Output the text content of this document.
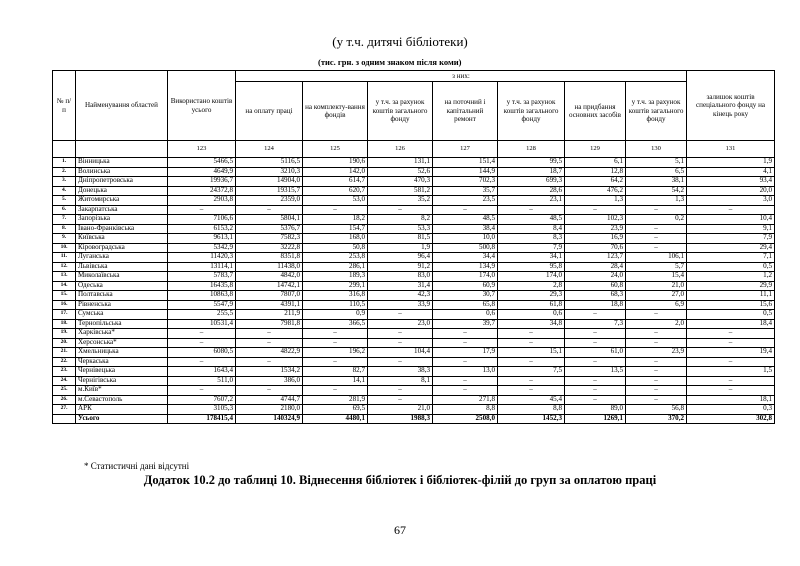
(у т.ч. дитячі бібліотеки)
(тис. грн. з одним знаком після коми)
№ п/п	Найменування областей	Використано коштів усього	з них:							залишок коштів спеціального фонду на кінець року
			на оплату праці	на комплекту-вання фондів	у т.ч. за рахунок коштів загального фонду	на поточний і капітальний ремонт	у т.ч. за рахунок коштів загального фонду	на придбання основних засобів	у т.ч. за рахунок коштів загального фонду	
		123	124	125	126	127	128	129	130	131
1.	Вінницька	5466,5	5116,5	190,6	131,1	151,4	99,5	6,1	5,1	1,9
2.	Волинська	4649,9	3210,3	142,0	52,6	144,9	18,7	12,8	6,5	4,1
3.	Дніпропетровська	19936,7	14904,0	614,7	470,3	702,3	699,3	64,2	38,1	93,4
4.	Донецька	24372,8	19315,7	620,7	581,2	35,7	28,6	476,2	54,2	20,0
5.	Житомирська	2903,8	2359,0	53,0	35,2	23,5	23,1	1,3	1,3	3,0
6.	Закарпатська	–	–	–	–	–	–	–	–	–
7.	Запорізька	7106,6	5804,1	18,2	8,2	48,5	48,5	102,3	0,2	10,4
8.	Івано-Франківська	6153,2	5376,7	154,7	53,3	38,4	8,4	23,9	–	9,1
9.	Київська	9613,1	7582,3	168,0	81,5	10,0	8,3	16,9	–	7,9
10.	Кіровоградська	5342,9	3222,8	50,8	1,9	500,8	7,9	70,6	–	29,4
11.	Луганська	11420,3	8351,8	253,8	96,4	34,4	34,1	123,7	106,1	7,1
12.	Львівська	13114,1	11438,0	286,1	91,2	134,9	95,8	28,4	5,7	0,5
13.	Миколаївська	5783,7	4842,0	189,3	83,0	174,0	174,0	24,0	15,4	1,2
14.	Одеська	16435,8	14742,1	299,1	31,4	60,9	2,8	60,8	21,0	29,9
15.	Полтавська	10863,8	7807,0	316,8	42,3	30,7	29,3	68,3	27,0	11,1
16.	Рівненська	5547,9	4391,1	110,5	33,9	65,8	61,8	18,8	6,9	15,6
17.	Сумська	255,5	211,9	0,9	–	0,6	0,6	–	–	0,5
18.	Тернопільська	10531,4	7981,8	366,5	23,0	39,7	34,8	7,3	2,0	18,4
19.	Харківська*	–	–	–	–	–	–	–	–	–
20.	Херсонська*	–	–	–	–	–	–	–	–	–
21.	Хмельницька	6080,5	4822,9	196,2	104,4	17,9	15,1	61,0	23,9	19,4
22.	Черкаська	–	–	–	–	–	–	–	–	–
23.	Чернівецька	1643,4	1534,2	82,7	38,3	13,0	7,5	13,5	–	1,5
24.	Чернігівська	511,0	386,0	14,1	8,1	–	–	–	–	–
25.	м.Київ*	–	–	–	–	–	–	–	–	–
26.	м.Севастополь	7607,2	4744,7	281,9	–	271,8	45,4	–	–	18,1
27.	АРК	3105,3	2180,0	69,5	21,0	8,8	8,8	89,0	56,8	0,3
	Усього	178415,4	140324,9	4480,1	1988,3	2508,0	1452,3	1269,1	370,2	302,8
* Статистичні дані відсутні
Додаток 10.2 до таблиці 10. Віднесення бібліотек і бібліотек-філій до груп за оплатою праці
67
